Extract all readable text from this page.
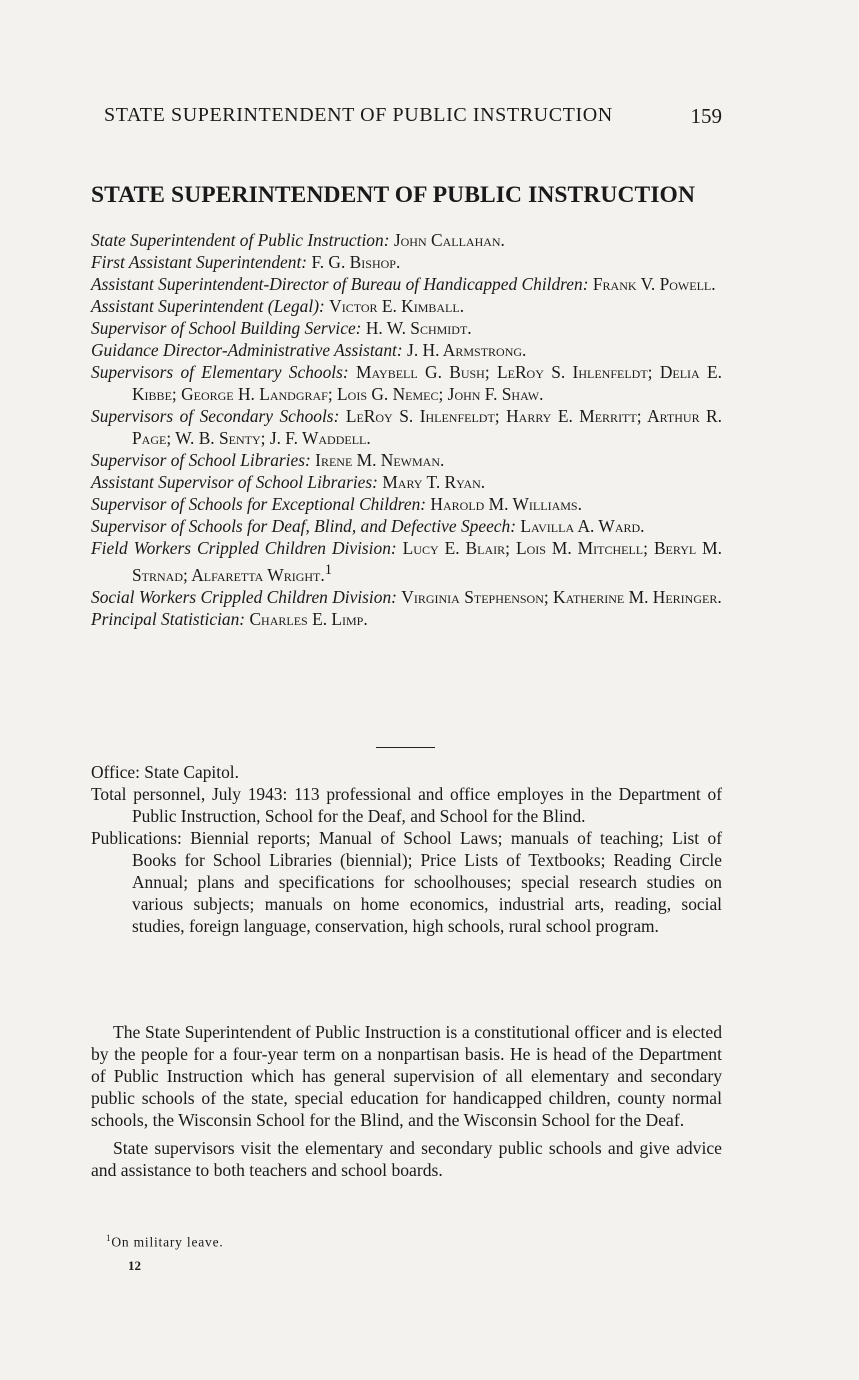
STATE SUPERINTENDENT OF PUBLIC INSTRUCTION	159
STATE SUPERINTENDENT OF PUBLIC INSTRUCTION
State Superintendent of Public Instruction: John Callahan.
First Assistant Superintendent: F. G. Bishop.
Assistant Superintendent-Director of Bureau of Handicapped Children: Frank V. Powell.
Assistant Superintendent (Legal): Victor E. Kimball.
Supervisor of School Building Service: H. W. Schmidt.
Guidance Director-Administrative Assistant: J. H. Armstrong.
Supervisors of Elementary Schools: Maybell G. Bush; LeRoy S. Ihlenfeldt; Delia E. Kibbe; George H. Landgraf; Lois G. Nemec; John F. Shaw.
Supervisors of Secondary Schools: LeRoy S. Ihlenfeldt; Harry E. Merritt; Arthur R. Page; W. B. Senty; J. F. Waddell.
Supervisor of School Libraries: Irene M. Newman.
Assistant Supervisor of School Libraries: Mary T. Ryan.
Supervisor of Schools for Exceptional Children: Harold M. Williams.
Supervisor of Schools for Deaf, Blind, and Defective Speech: Lavilla A. Ward.
Field Workers Crippled Children Division: Lucy E. Blair; Lois M. Mitchell; Beryl M. Strnad; Alfaretta Wright.$^1$
Social Workers Crippled Children Division: Virginia Stephenson; Katherine M. Heringer.
Principal Statistician: Charles E. Limp.
Office: State Capitol.
Total personnel, July 1943: 113 professional and office employes in the Department of Public Instruction, School for the Deaf, and School for the Blind.
Publications: Biennial reports; Manual of School Laws; manuals of teaching; List of Books for School Libraries (biennial); Price Lists of Textbooks; Reading Circle Annual; plans and specifications for schoolhouses; special research studies on various subjects; manuals on home economics, industrial arts, reading, social studies, foreign language, conservation, high schools, rural school program.

The State Superintendent of Public Instruction is a constitutional officer and is elected by the people for a four-year term on a nonpartisan basis. He is head of the Department of Public Instruction which has general supervision of all elementary and secondary public schools of the state, special education for handicapped children, county normal schools, the Wisconsin School for the Blind, and the Wisconsin School for the Deaf.

State supervisors visit the elementary and secondary public schools and give advice and assistance to both teachers and school boards.

$^1$On military leave.
12
